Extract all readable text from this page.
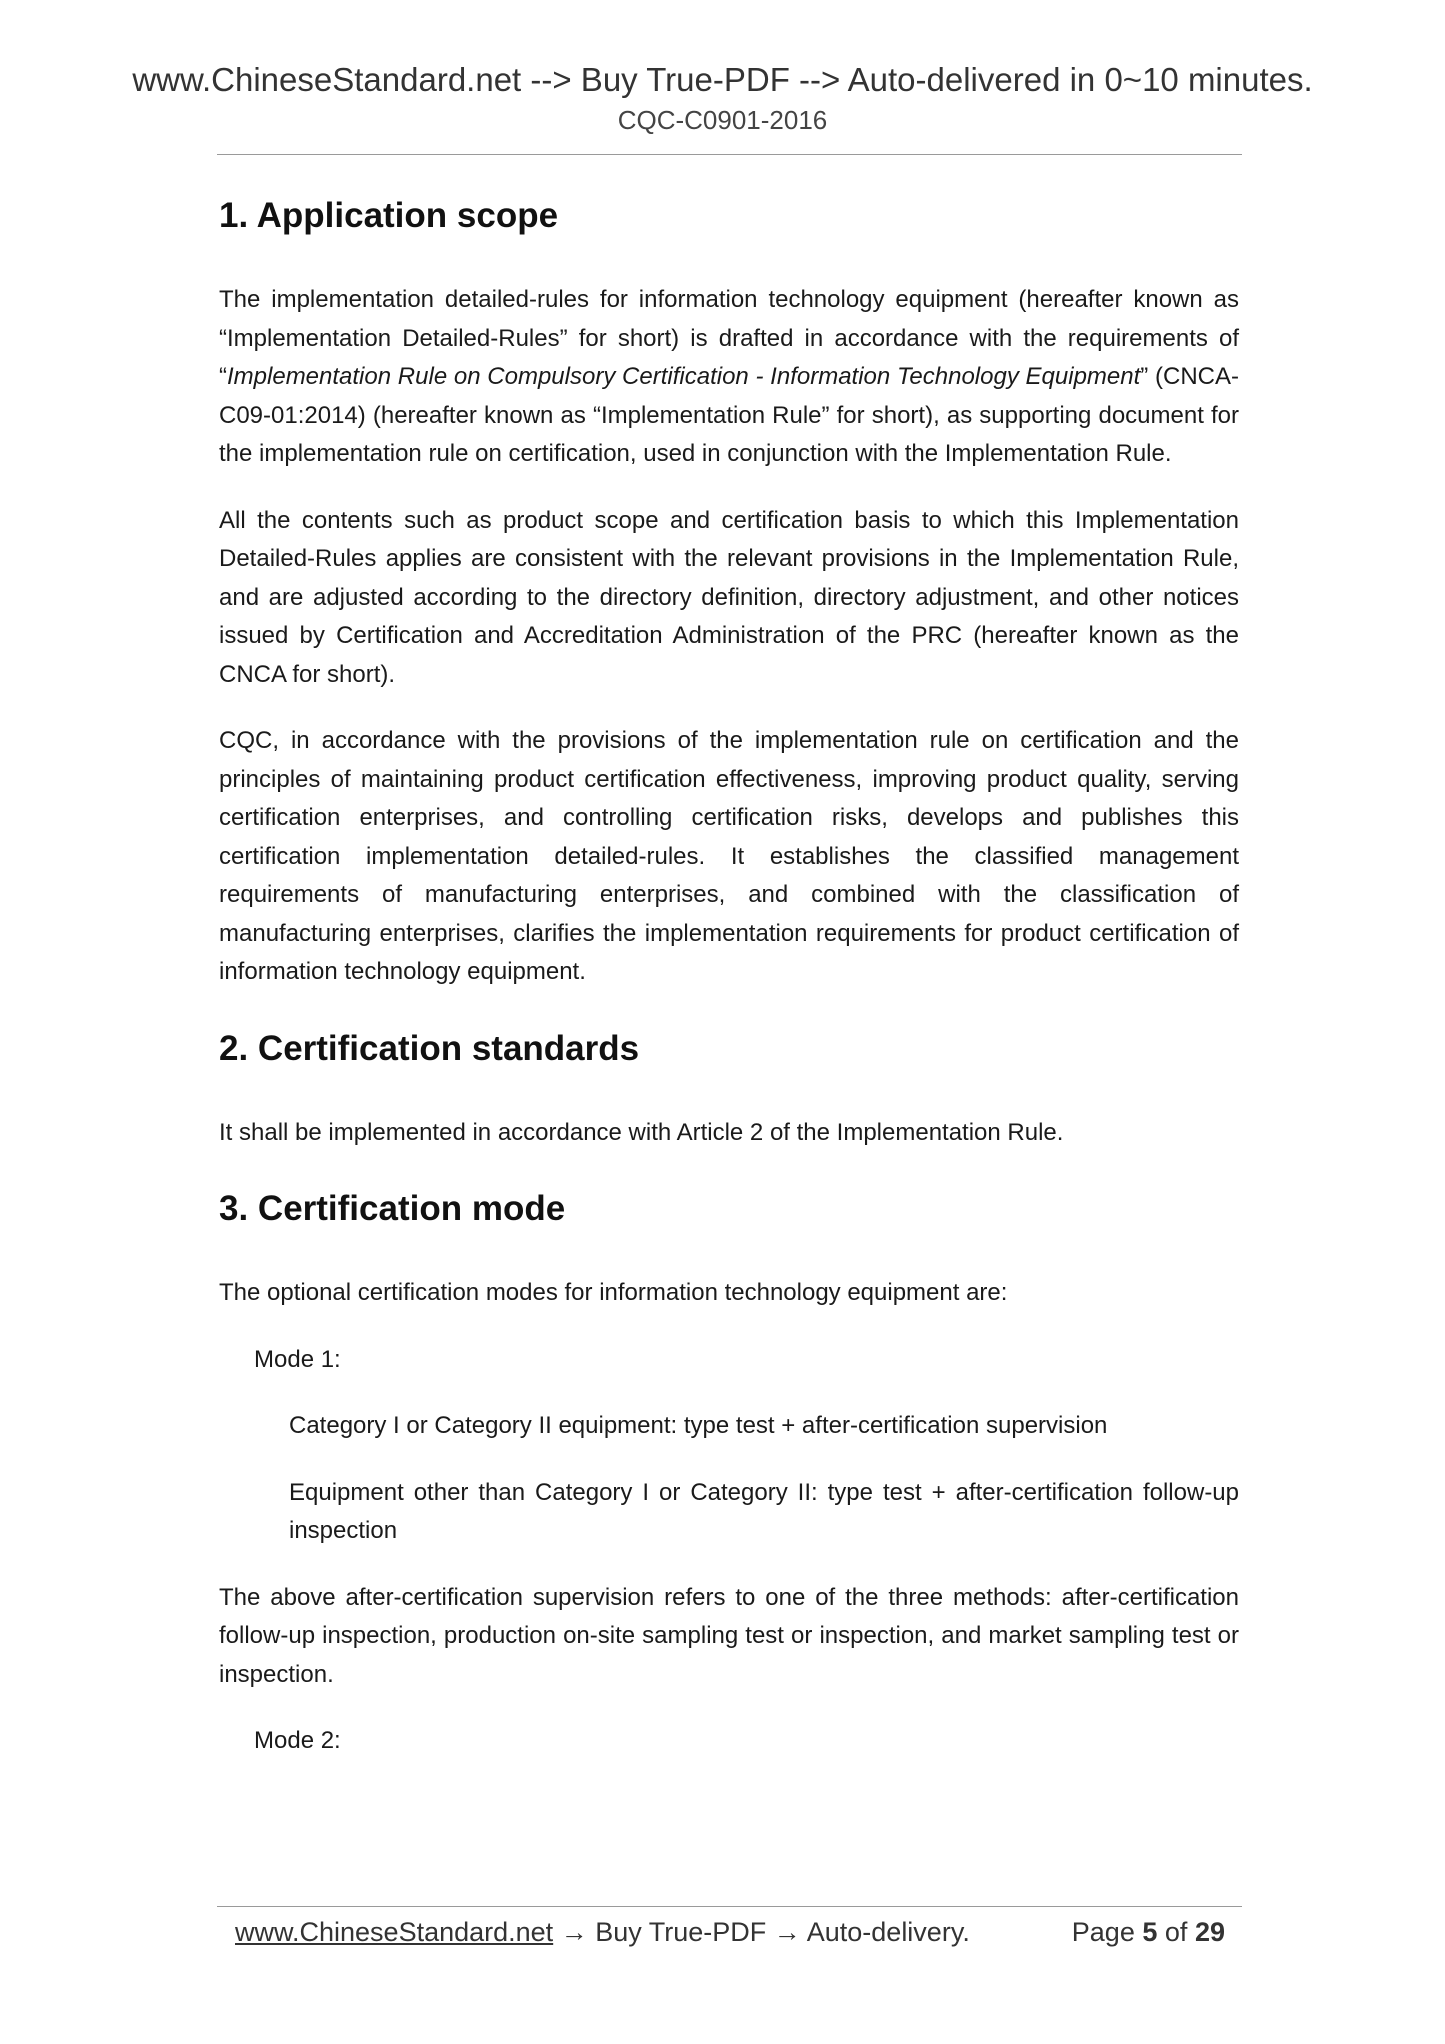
www.ChineseStandard.net --> Buy True-PDF --> Auto-delivered in 0~10 minutes.
CQC-C0901-2016
1. Application scope

The implementation detailed-rules for information technology equipment (hereafter known as “Implementation Detailed-Rules” for short) is drafted in accordance with the requirements of “Implementation Rule on Compulsory Certification - Information Technology Equipment” (CNCA-C09-01:2014) (hereafter known as “Implementation Rule” for short), as supporting document for the implementation rule on certification, used in conjunction with the Implementation Rule.

All the contents such as product scope and certification basis to which this Implementation Detailed-Rules applies are consistent with the relevant provisions in the Implementation Rule, and are adjusted according to the directory definition, directory adjustment, and other notices issued by Certification and Accreditation Administration of the PRC (hereafter known as the CNCA for short).

CQC, in accordance with the provisions of the implementation rule on certification and the principles of maintaining product certification effectiveness, improving product quality, serving certification enterprises, and controlling certification risks, develops and publishes this certification implementation detailed-rules. It establishes the classified management requirements of manufacturing enterprises, and combined with the classification of manufacturing enterprises, clarifies the implementation requirements for product certification of information technology equipment.

2. Certification standards

It shall be implemented in accordance with Article 2 of the Implementation Rule.

3. Certification mode

The optional certification modes for information technology equipment are:

Mode 1:

Category I or Category II equipment: type test + after-certification supervision

Equipment other than Category I or Category II: type test + after-certification follow-up inspection

The above after-certification supervision refers to one of the three methods: after-certification follow-up inspection, production on-site sampling test or inspection, and market sampling test or inspection.

Mode 2:

www.ChineseStandard.net → Buy True-PDF → Auto-delivery.	Page 5 of 29
